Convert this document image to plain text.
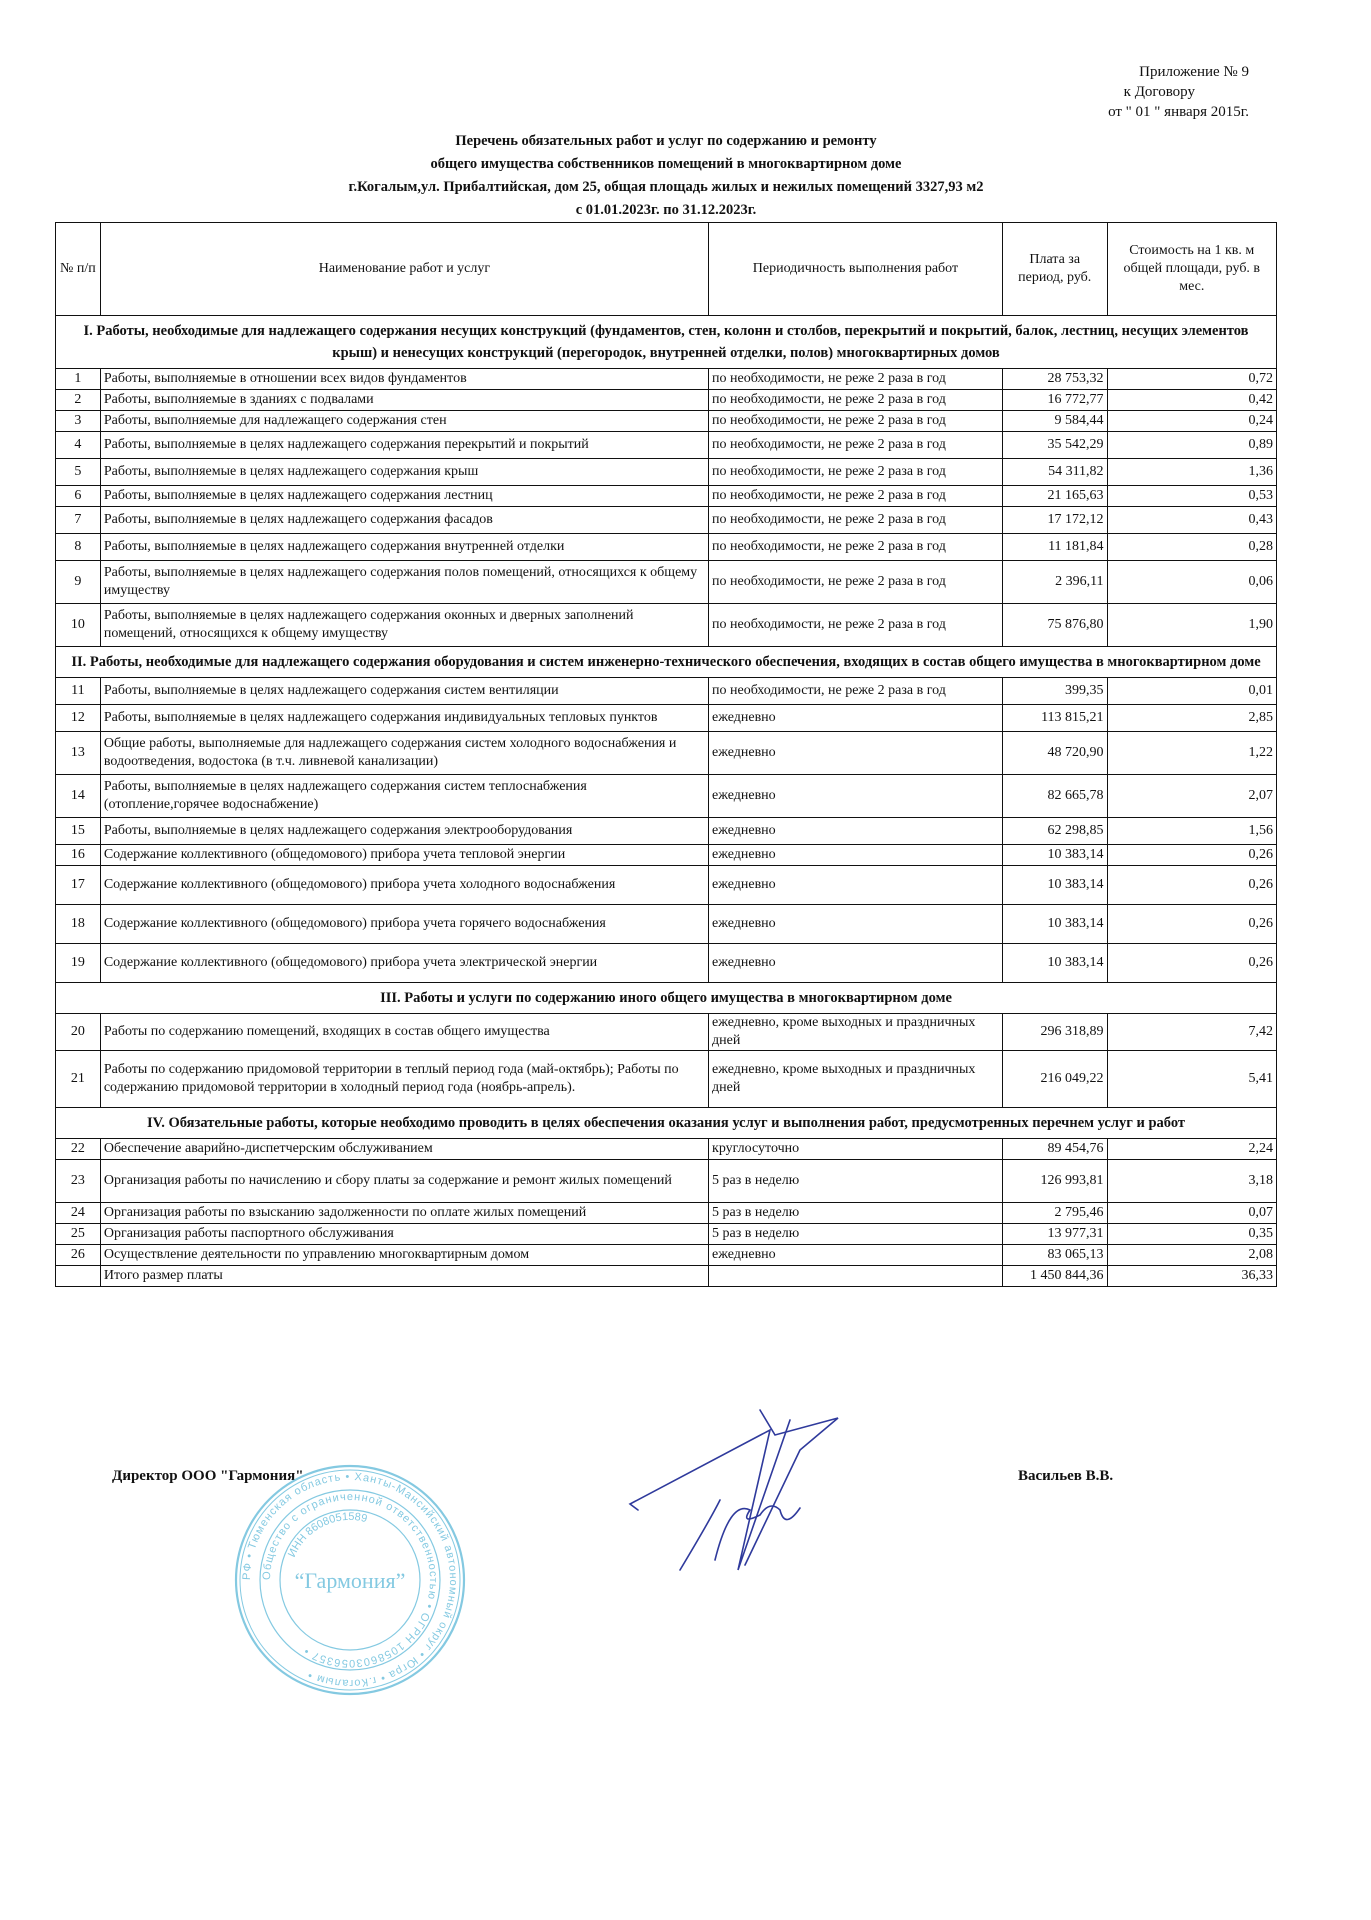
Приложение № 9
к Договору
от " 01 " января 2015г.
Перечень обязательных работ и услуг по содержанию и ремонту
общего имущества собственников помещений в многоквартирном доме
г.Когалым,ул. Прибалтийская, дом 25, общая площадь жилых и нежилых помещений 3327,93 м2
с 01.01.2023г. по 31.12.2023г.
№ п/п	Наименование работ и услуг	Периодичность выполнения работ	Плата за период, руб.	Стоимость на 1 кв. м общей площади, руб. в мес.
I. Работы, необходимые для надлежащего содержания несущих конструкций (фундаментов, стен, колонн и столбов, перекрытий и покрытий, балок, лестниц, несущих элементов крыш) и ненесущих конструкций (перегородок, внутренней отделки, полов) многоквартирных домов				
1	Работы, выполняемые в отношении всех видов фундаментов	по необходимости, не реже 2 раза в год	28 753,32	0,72
2	Работы, выполняемые в зданиях с подвалами	по необходимости, не реже 2 раза в год	16 772,77	0,42
3	Работы, выполняемые для надлежащего содержания стен	по необходимости, не реже 2 раза в год	9 584,44	0,24
4	Работы, выполняемые в целях надлежащего содержания перекрытий и покрытий	по необходимости, не реже 2 раза в год	35 542,29	0,89
5	Работы, выполняемые в целях надлежащего содержания крыш	по необходимости, не реже 2 раза в год	54 311,82	1,36
6	Работы, выполняемые в целях надлежащего содержания лестниц	по необходимости, не реже 2 раза в год	21 165,63	0,53
7	Работы, выполняемые в целях надлежащего содержания фасадов	по необходимости, не реже 2 раза в год	17 172,12	0,43
8	Работы, выполняемые в целях надлежащего содержания внутренней отделки	по необходимости, не реже 2 раза в год	11 181,84	0,28
9	Работы, выполняемые в целях надлежащего содержания полов помещений, относящихся к общему имуществу	по необходимости, не реже 2 раза в год	2 396,11	0,06
10	Работы, выполняемые в целях надлежащего содержания оконных и дверных заполнений помещений, относящихся к общему имуществу	по необходимости, не реже 2 раза в год	75 876,80	1,90
II. Работы, необходимые для надлежащего содержания оборудования и систем инженерно-технического обеспечения, входящих в состав общего имущества в многоквартирном доме				
11	Работы, выполняемые в целях надлежащего содержания систем вентиляции	по необходимости, не реже 2 раза в год	399,35	0,01
12	Работы, выполняемые в целях надлежащего содержания индивидуальных тепловых пунктов	ежедневно	113 815,21	2,85
13	Общие работы, выполняемые для надлежащего содержания систем холодного водоснабжения и водоотведения, водостока (в т.ч. ливневой канализации)	ежедневно	48 720,90	1,22
14	Работы, выполняемые в целях надлежащего содержания систем теплоснабжения (отопление,горячее водоснабжение)	ежедневно	82 665,78	2,07
15	Работы, выполняемые в целях надлежащего содержания электрооборудования	ежедневно	62 298,85	1,56
16	Содержание коллективного (общедомового) прибора учета тепловой энергии	ежедневно	10 383,14	0,26
17	Содержание коллективного (общедомового) прибора учета холодного водоснабжения	ежедневно	10 383,14	0,26
18	Содержание коллективного (общедомового) прибора учета горячего водоснабжения	ежедневно	10 383,14	0,26
19	Содержание коллективного (общедомового) прибора учета электрической энергии	ежедневно	10 383,14	0,26
III. Работы и услуги по содержанию иного общего имущества в многоквартирном доме				
20	Работы по содержанию помещений, входящих в состав общего имущества	ежедневно, кроме выходных и праздничных дней	296 318,89	7,42
21	Работы по содержанию придомовой территории в теплый период года (май-октябрь); Работы по содержанию придомовой территории в холодный период года (ноябрь-апрель).	ежедневно, кроме выходных и праздничных дней	216 049,22	5,41
IV. Обязательные работы, которые необходимо проводить в целях обеспечения оказания услуг и выполнения работ, предусмотренных перечнем услуг и работ				
22	Обеспечение аварийно-диспетчерским обслуживанием	круглосуточно	89 454,76	2,24
23	Организация работы по начислению и сбору платы за содержание и ремонт жилых помещений	5 раз в неделю	126 993,81	3,18
24	Организация работы по взысканию задолженности по оплате жилых помещений	5 раз в неделю	2 795,46	0,07
25	Организация работы паспортного обслуживания	5 раз в неделю	13 977,31	0,35
26	Осуществление деятельности по управлению многоквартирным домом	ежедневно	83 065,13	2,08
	Итого размер платы		1 450 844,36	36,33
Директор ООО "Гармония"	Васильев В.В.
РФ • Тюменская область • Ханты-Мансийский автономный округ • Югра • г.Когалым •
Общество с ограниченной ответственностью • ОГРН 1058603056357 •
ИНН 8608051589
“Гармония”
